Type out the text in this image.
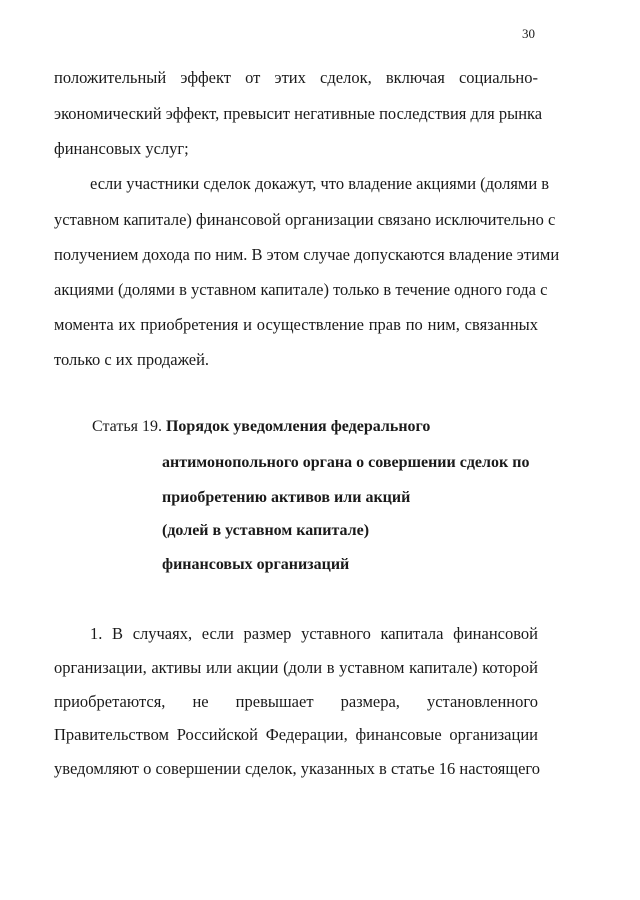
30
положительный эффект от этих сделок, включая социально-
экономический эффект, превысит негативные последствия для рынка
финансовых услуг;
если участники сделок докажут, что владение акциями (долями в
уставном капитале) финансовой организации связано исключительно с
получением дохода по ним. В этом случае допускаются владение этими
акциями (долями в уставном капитале) только в течение одного года с
момента их приобретения и осуществление прав по ним, связанных
только с их продажей.
Статья 19. Порядок уведомления федерального
антимонопольного органа о совершении сделок по
приобретению активов или акций
(долей в уставном капитале)
финансовых организаций
1. В случаях, если размер уставного капитала финансовой
организации, активы или акции (доли в уставном капитале) которой
приобретаются, не превышает размера, установленного
Правительством Российской Федерации, финансовые организации
уведомляют о совершении сделок, указанных в статье 16 настоящего
